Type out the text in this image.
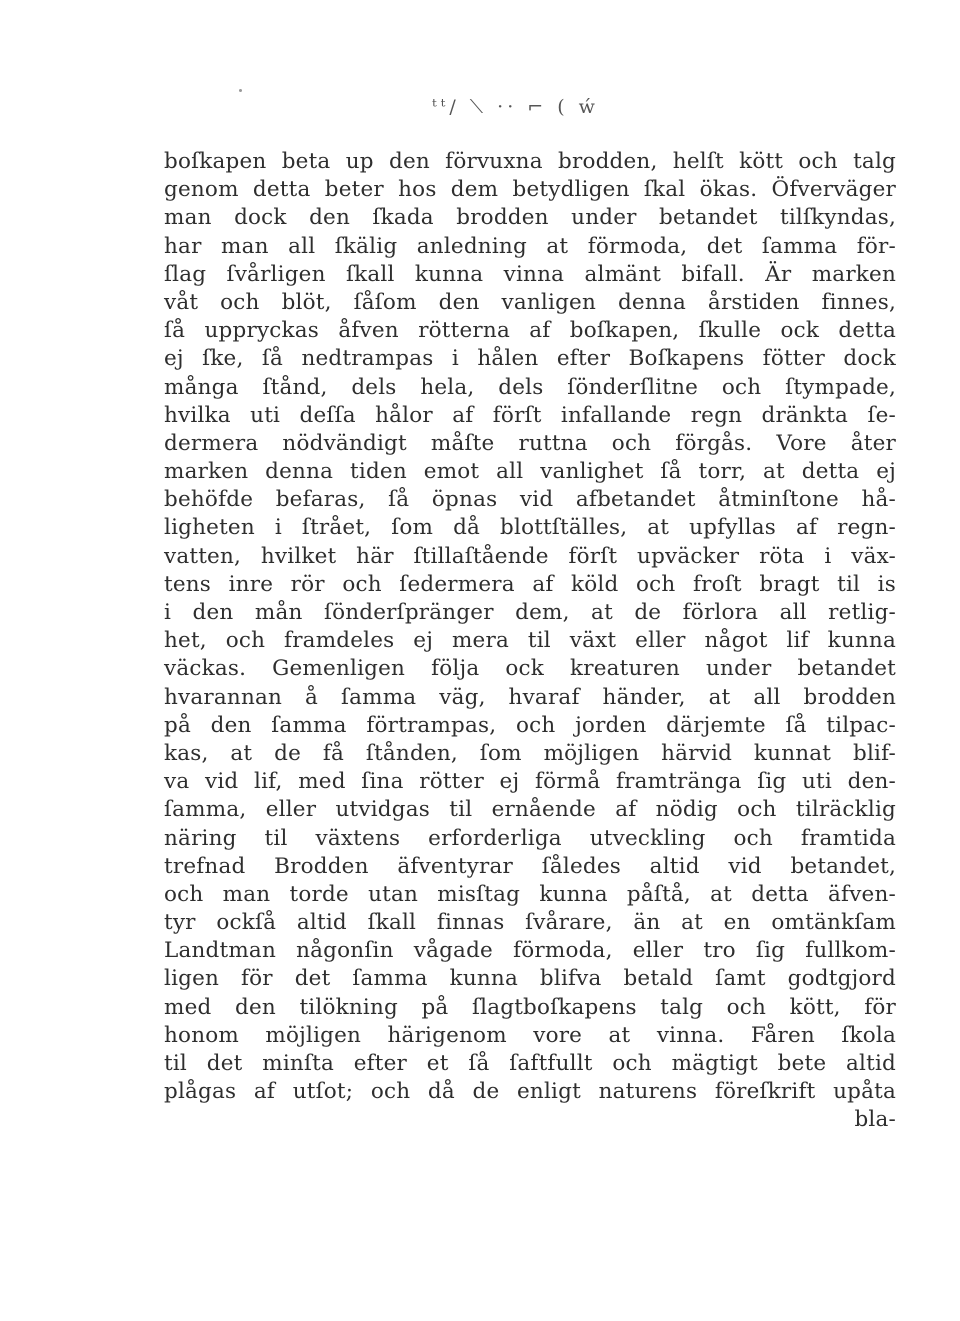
ᵗᵗ/ ⟍ ·· ⌐ ( ẃ
boſkapen beta up den förvuxna brodden, helſt kött och talg
genom detta beter hos dem betydligen ſkal ökas. Öfverväger
man dock den ſkada brodden under betandet tilſkyndas,
har man all ſkälig anledning at förmoda, det ſamma för-
ſlag ſvårligen ſkall kunna vinna almänt bifall. Är marken
våt och blöt, ſåſom den vanligen denna årstiden finnes,
ſå uppryckas åfven rötterna af boſkapen, ſkulle ock detta
ej ſke, ſå nedtrampas i hålen efter Boſkapens fötter dock
många ſtånd, dels hela, dels ſönderſlitne och ſtympade,
hvilka uti deſſa hålor af förſt infallande regn dränkta ſe-
dermera nödvändigt måſte ruttna och förgås. Vore åter
marken denna tiden emot all vanlighet ſå torr, at detta ej
behöfde befaras, ſå öpnas vid afbetandet åtminſtone hå-
ligheten i ſtrået, ſom då blottſtälles, at upfyllas af regn-
vatten, hvilket här ſtillaſtående förſt upväcker röta i väx-
tens inre rör och ſedermera af köld och froſt bragt til is
i den mån ſönderſpränger dem, at de förlora all retlig-
het, och framdeles ej mera til växt eller något lif kunna
väckas. Gemenligen följa ock kreaturen under betandet
hvarannan å ſamma väg, hvaraf händer, at all brodden
på den ſamma förtrampas, och jorden därjemte ſå tilpac-
kas, at de få ſtånden, ſom möjligen härvid kunnat blif-
va vid lif, med ſina rötter ej förmå framtränga ſig uti den-
ſamma, eller utvidgas til ernående af nödig och tilräcklig
näring til växtens erforderliga utveckling och framtida
trefnad Brodden äfventyrar ſåledes altid vid betandet,
och man torde utan misſtag kunna påſtå, at detta äfven-
tyr ockſå altid ſkall finnas ſvårare, än at en omtänkſam
Landtman någonſin vågade förmoda, eller tro ſig fullkom-
ligen för det ſamma kunna blifva betald ſamt godtgjord
med den tilökning på ſlagtboſkapens talg och kött, för
honom möjligen härigenom vore at vinna. Fåren ſkola
til det minſta efter et ſå ſaftfullt och mägtigt bete altid
plågas af utſot; och då de enligt naturens föreſkrift upåta
bla-
